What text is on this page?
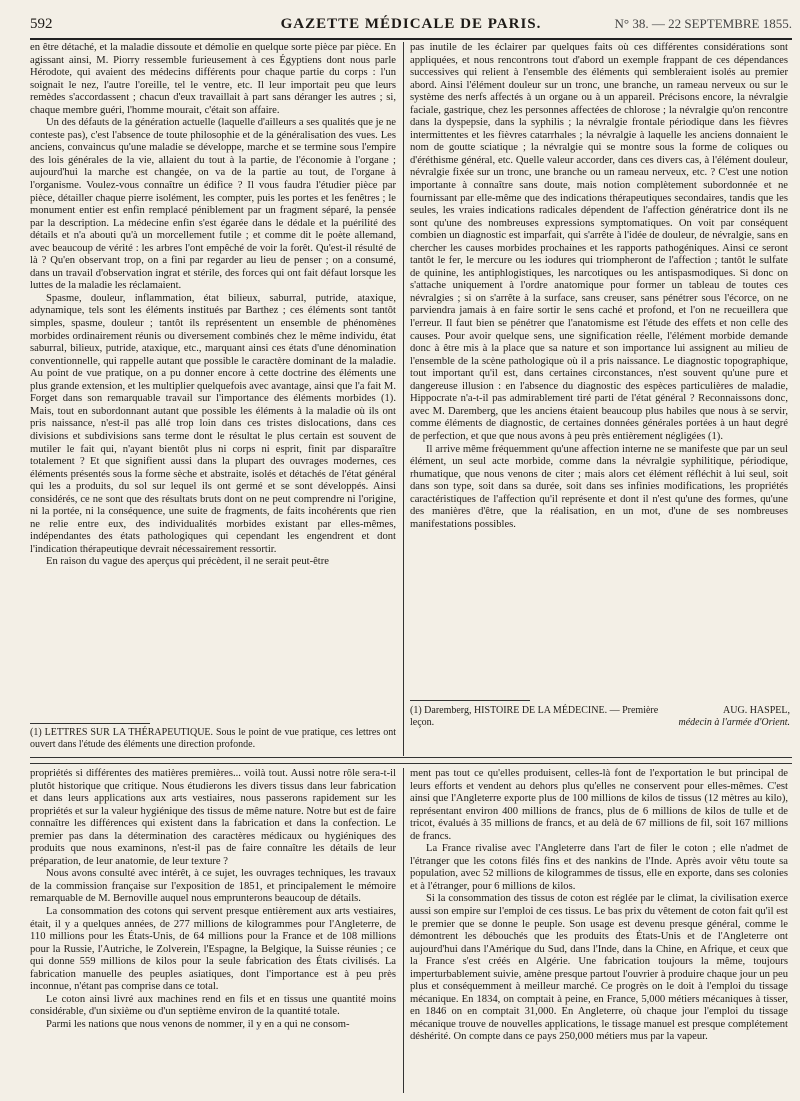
592	GAZETTE MÉDICALE DE PARIS.	N° 38. — 22 SEPTEMBRE 1855.

en être détaché, et la maladie dissoute et démolie en quelque sorte pièce par pièce. En agissant ainsi, M. Piorry ressemble furieusement à ces Égyptiens dont nous parle Hérodote, qui avaient des médecins différents pour chaque partie du corps : l'un soignait le nez, l'autre l'oreille, tel le ventre, etc. Il leur importait peu que leurs remèdes s'accordassent ; chacun d'eux travaillait à part sans déranger les autres ; si, chaque membre guéri, l'homme mourait, c'était son affaire.

Un des défauts de la génération actuelle (laquelle d'ailleurs a ses qualités que je ne conteste pas), c'est l'absence de toute philosophie et de la généralisation des vues. Les anciens, convaincus qu'une maladie se développe, marche et se termine sous l'empire des lois générales de la vie, allaient du tout à la partie, de l'économie à l'organe ; aujourd'hui la marche est changée, on va de la partie au tout, de l'organe à l'organisme. Voulez-vous connaître un édifice ? Il vous faudra l'étudier pièce par pièce, détailler chaque pierre isolément, les compter, puis les portes et les fenêtres ; le monument entier est enfin remplacé péniblement par un fragment séparé, la pensée par la description. La médecine enfin s'est égarée dans le dédale et la puérilité des détails et n'a abouti qu'à un morcellement futile ; et comme dit le poète allemand, avec beaucoup de vérité : les arbres l'ont empêché de voir la forêt. Qu'est-il résulté de là ? Qu'en observant trop, on a fini par regarder au lieu de penser ; on a consumé, dans un travail d'observation ingrat et stérile, des forces qui ont fait défaut lorsque les luttes de la maladie les réclamaient.

Spasme, douleur, inflammation, état bilieux, saburral, putride, ataxique, adynamique, tels sont les éléments institués par Barthez ; ces éléments sont tantôt simples, spasme, douleur ; tantôt ils représentent un ensemble de phénomènes morbides ordinairement réunis ou diversement combinés chez le même individu, état saburral, bilieux, putride, ataxique, etc., marquant ainsi ces états d'une dénomination conventionnelle, qui rappelle autant que possible le caractère dominant de la maladie. Au point de vue pratique, on a pu donner encore à cette doctrine des éléments une plus grande extension, et les multiplier quelquefois avec avantage, ainsi que l'a fait M. Forget dans son remarquable travail sur l'importance des éléments morbides (1). Mais, tout en subordonnant autant que possible les éléments à la maladie où ils ont pris naissance, n'est-il pas allé trop loin dans ces tristes dislocations, dans ces divisions et subdivisions sans terme dont le résultat le plus certain est souvent de mutiler le fait qui, n'ayant bientôt plus ni corps ni esprit, finit par disparaître totalement ? Et que signifient aussi dans la plupart des ouvrages modernes, ces éléments présentés sous la forme sèche et abstraite, isolés et détachés de l'état général qui les a produits, du sol sur lequel ils ont germé et se sont développés. Ainsi considérés, ce ne sont que des résultats bruts dont on ne peut comprendre ni l'origine, ni la portée, ni la conséquence, une suite de fragments, de faits incohérents que rien ne relie entre eux, des individualités morbides existant par elles-mêmes, indépendantes des états pathologiques qui cependant les engendrent et dont l'indication thérapeutique devrait nécessairement ressortir.

En raison du vague des aperçus qui précèdent, il ne serait peut-être

pas inutile de les éclairer par quelques faits où ces différentes considérations sont appliquées, et nous rencontrons tout d'abord un exemple frappant de ces dépendances successives qui relient à l'ensemble des éléments qui sembleraient isolés au premier abord. Ainsi l'élément douleur sur un tronc, une branche, un rameau nerveux ou sur le système des nerfs affectés à un organe ou à un appareil. Précisons encore, la névralgie faciale, gastrique, chez les personnes affectées de chlorose ; la névralgie qu'on rencontre dans la dyspepsie, dans la syphilis ; la névralgie frontale périodique dans les fièvres intermittentes et les fièvres catarrhales ; la névralgie à laquelle les anciens donnaient le nom de goutte sciatique ; la névralgie qui se montre sous la forme de coliques ou d'éréthisme général, etc. Quelle valeur accorder, dans ces divers cas, à l'élément douleur, névralgie fixée sur un tronc, une branche ou un rameau nerveux, etc. ? C'est une notion importante à connaître sans doute, mais notion complètement subordonnée et ne fournissant par elle-même que des indications thérapeutiques secondaires, tandis que les seules, les vraies indications radicales dépendent de l'affection génératrice dont ils ne sont qu'une des nombreuses expressions symptomatiques. On voit par conséquent combien un diagnostic est imparfait, qui s'arrête à l'idée de douleur, de névralgie, sans en chercher les causes morbides prochaines et les rapports pathogéniques. Ainsi ce seront tantôt le fer, le mercure ou les iodures qui triompheront de l'affection ; tantôt le sulfate de quinine, les antiphlogistiques, les narcotiques ou les antispasmodiques. Si donc on s'attache uniquement à l'ordre anatomique pour former un tableau de toutes ces névralgies ; si on s'arrête à la surface, sans creuser, sans pénétrer sous l'écorce, on ne parviendra jamais à en faire sortir le sens caché et profond, et l'on ne recueillera que l'erreur. Il faut bien se pénétrer que l'anatomisme est l'étude des effets et non celle des causes. Pour avoir quelque sens, une signification réelle, l'élément morbide demande donc à être mis à la place que sa nature et son importance lui assignent au milieu de l'ensemble de la scène pathologique où il a pris naissance. Le diagnostic topographique, tout important qu'il est, dans certaines circonstances, n'est souvent qu'une pure et dangereuse illusion : en l'absence du diagnostic des espèces particulières de maladie, Hippocrate n'a-t-il pas admirablement tiré parti de l'état général ? Reconnaissons donc, avec M. Daremberg, que les anciens étaient beaucoup plus habiles que nous à se servir, comme éléments de diagnostic, de certaines données générales portées à un haut degré de perfection, et que que nous avons à peu près entièrement négligées (1).

Il arrive même fréquemment qu'une affection interne ne se manifeste que par un seul élément, un seul acte morbide, comme dans la névralgie syphilitique, périodique, rhumatique, que nous venons de citer ; mais alors cet élément réfléchit à lui seul, soit dans son type, soit dans sa durée, soit dans ses infinies modifications, les propriétés caractéristiques de l'affection qu'il représente et dont il n'est qu'une des formes, qu'une des manières d'être, que la réalisation, en un mot, d'une de ses nombreuses manifestations possibles.

(1) LETTRES SUR LA THÉRAPEUTIQUE. Sous le point de vue pratique, ces lettres ont ouvert dans l'étude des éléments une direction profonde.
(1) Daremberg, HISTOIRE DE LA MÉDECINE. — Première leçon.
AUG. HASPEL,
médecin à l'armée d'Orient.

propriétés si différentes des matières premières... voilà tout. Aussi notre rôle sera-t-il plutôt historique que critique. Nous étudierons les divers tissus dans leur fabrication et dans leurs applications aux arts vestiaires, nous passerons rapidement sur les propriétés et sur la valeur hygiénique des tissus de même nature. Notre but est de faire connaître les différences qui existent dans la fabrication et dans la confection. Le premier pas dans la détermination des caractères médicaux ou hygiéniques des produits que nous examinons, n'est-il pas de faire connaître les détails de leur préparation, de leur anatomie, de leur texture ?

Nous avons consulté avec intérêt, à ce sujet, les ouvrages techniques, les travaux de la commission française sur l'exposition de 1851, et principalement le mémoire remarquable de M. Bernoville auquel nous emprunterons beaucoup de détails.

La consommation des cotons qui servent presque entièrement aux arts vestiaires, était, il y a quelques années, de 277 millions de kilogrammes pour l'Angleterre, de 110 millions pour les États-Unis, de 64 millions pour la France et de 108 millions pour la Russie, l'Autriche, le Zolverein, l'Espagne, la Belgique, la Suisse réunies ; ce qui donne 559 millions de kilos pour la seule fabrication des États civilisés. La fabrication manuelle des peuples asiatiques, dont l'importance est à peu près inconnue, n'étant pas comprise dans ce total.

Le coton ainsi livré aux machines rend en fils et en tissus une quantité moins considérable, d'un sixième ou d'un septième environ de la quantité totale.

Parmi les nations que nous venons de nommer, il y en a qui ne consom-

ment pas tout ce qu'elles produisent, celles-là font de l'exportation le but principal de leurs efforts et vendent au dehors plus qu'elles ne conservent pour elles-mêmes. C'est ainsi que l'Angleterre exporte plus de 100 millions de kilos de tissus (12 mètres au kilo), représentant environ 400 millions de francs, plus de 6 millions de kilos de tulle et de tricot, évalués à 35 millions de francs, et au delà de 67 millions de fil, soit 167 millions de francs.

La France rivalise avec l'Angleterre dans l'art de filer le coton ; elle n'admet de l'étranger que les cotons filés fins et des nankins de l'Inde. Après avoir vêtu toute sa population, avec 52 millions de kilogrammes de tissus, elle en exporte, dans ses colonies et à l'étranger, pour 6 millions de kilos.

Si la consommation des tissus de coton est réglée par le climat, la civilisation exerce aussi son empire sur l'emploi de ces tissus. Le bas prix du vêtement de coton fait qu'il est le premier que se donne le peuple. Son usage est devenu presque général, comme le démontrent les débouchés que les produits des États-Unis et de l'Angleterre ont aujourd'hui dans l'Amérique du Sud, dans l'Inde, dans la Chine, en Afrique, et ceux que la France s'est créés en Algérie. Une fabrication toujours la même, toujours imperturbablement suivie, amène presque partout l'ouvrier à produire chaque jour un peu plus et conséquemment à meilleur marché. Ce progrès on le doit à l'emploi du tissage mécanique. En 1834, on comptait à peine, en France, 5,000 métiers mécaniques à tisser, en 1846 on en comptait 31,000. En Angleterre, où chaque jour l'emploi du tissage mécanique trouve de nouvelles applications, le tissage manuel est presque complétement déshérité. On compte dans ce pays 250,000 métiers mus par la vapeur.
